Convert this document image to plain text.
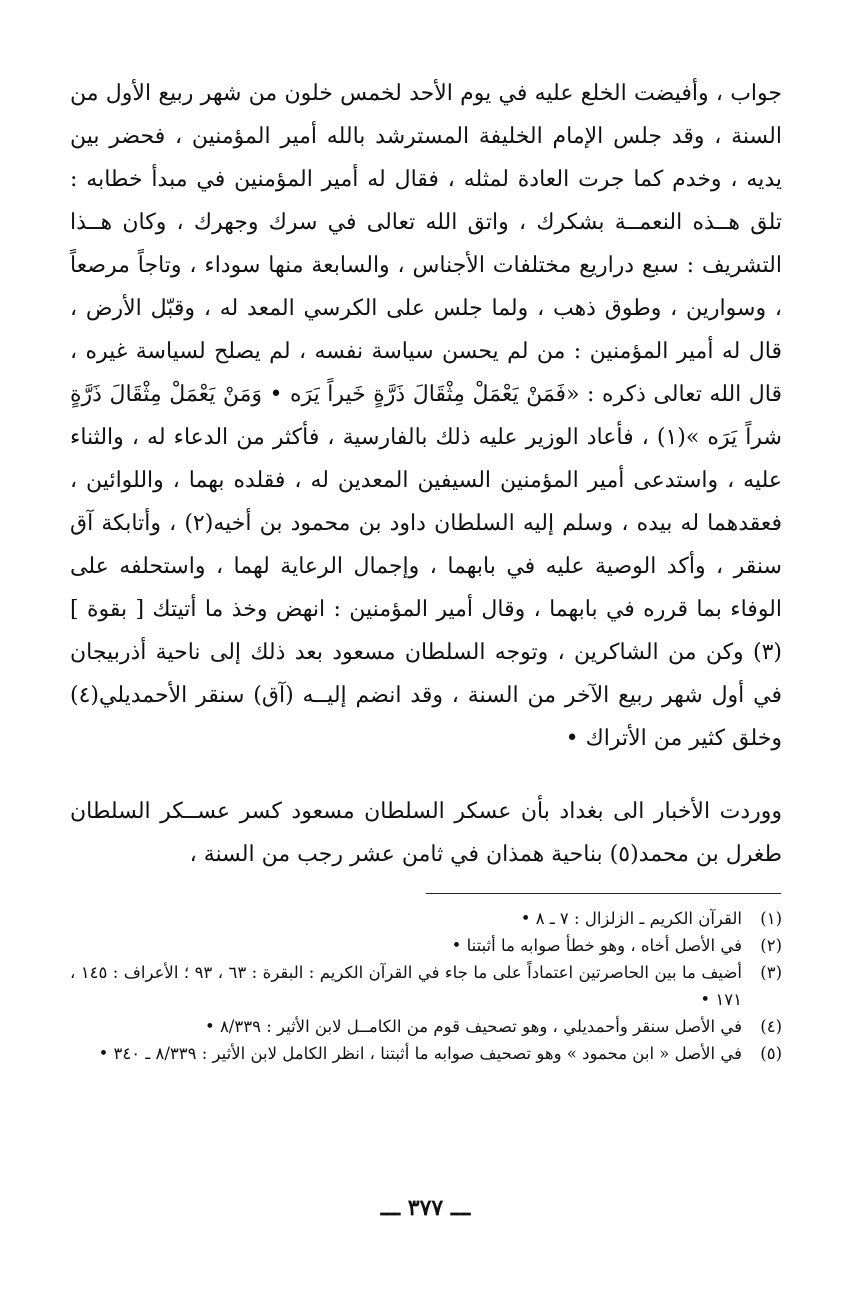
جواب ، وأفيضت الخلع عليه في يوم الأحد لخمس خلون من شهر ربيع الأول من السنة ، وقد جلس الإمام الخليفة المسترشد بالله أمير المؤمنين ، فحضر بين يديه ، وخدم كما جرت العادة لمثله ، فقال له أمير المؤمنين في مبدأ خطابه : تلق هــذه النعمــة بشكرك ، واتق الله تعالى في سرك وجهرك ، وكان هــذا التشريف : سبع دراريع مختلفات الأجناس ، والسابعة منها سوداء ، وتاجاً مرصعاً ، وسوارين ، وطوق ذهب ، ولما جلس على الكرسي المعد له ، وقبّل الأرض ، قال له أمير المؤمنين : من لم يحسن سياسة نفسه ، لم يصلح لسياسة غيره ، قال الله تعالى ذكره : «فَمَنْ يَعْمَلْ مِثْقَالَ ذَرَّةٍ خَيراً يَرَه • وَمَنْ يَعْمَلْ مِثْقَالَ ذَرَّةٍ شراً يَرَه »(١) ، فأعاد الوزير عليه ذلك بالفارسية ، فأكثر من الدعاء له ، والثناء عليه ، واستدعى أمير المؤمنين السيفين المعدين له ، فقلده بهما ، واللوائين ، فعقدهما له بيده ، وسلم إليه السلطان داود بن محمود بن أخيه(٢) ، وأتابكة آق سنقر ، وأكد الوصية عليه في بابهما ، وإجمال الرعاية لهما ، واستحلفه على الوفاء بما قرره في بابهما ، وقال أمير المؤمنين : انهض وخذ ما أتيتك [ بقوة ](٣) وكن من الشاكرين ، وتوجه السلطان مسعود بعد ذلك إلى ناحية أذربيجان في أول شهر ربيع الآخر من السنة ، وقد انضم إليــه (آق) سنقر الأحمديلي(٤) وخلق كثير من الأتراك •

ووردت الأخبار الى بغداد بأن عسكر السلطان مسعود كسر عســكر السلطان طغرل بن محمد(٥) بناحية همذان في ثامن عشر رجب من السنة ،

(١)
القرآن الكريم ـ الزلزال : ٧ ـ ٨ •
(٢)
في الأصل أخاه ، وهو خطأ صوابه ما أثبتنا •
(٣)
أضيف ما بين الحاصرتين اعتماداً على ما جاء في القرآن الكريم : البقرة : ٦٣ ، ٩٣ ؛ الأعراف : ١٤٥ ، ١٧١ •
(٤)
في الأصل سنقر وأحمديلي ، وهو تصحيف قوم من الكامــل لابن الأثير : ٨/٣٣٩ •
(٥)
في الأصل « ابن محمود » وهو تصحيف صوابه ما أثبتنا ، انظر الكامل لابن الأثير : ٨/٣٣٩ ـ ٣٤٠ •
ـــ ٣٧٧ ـــ
